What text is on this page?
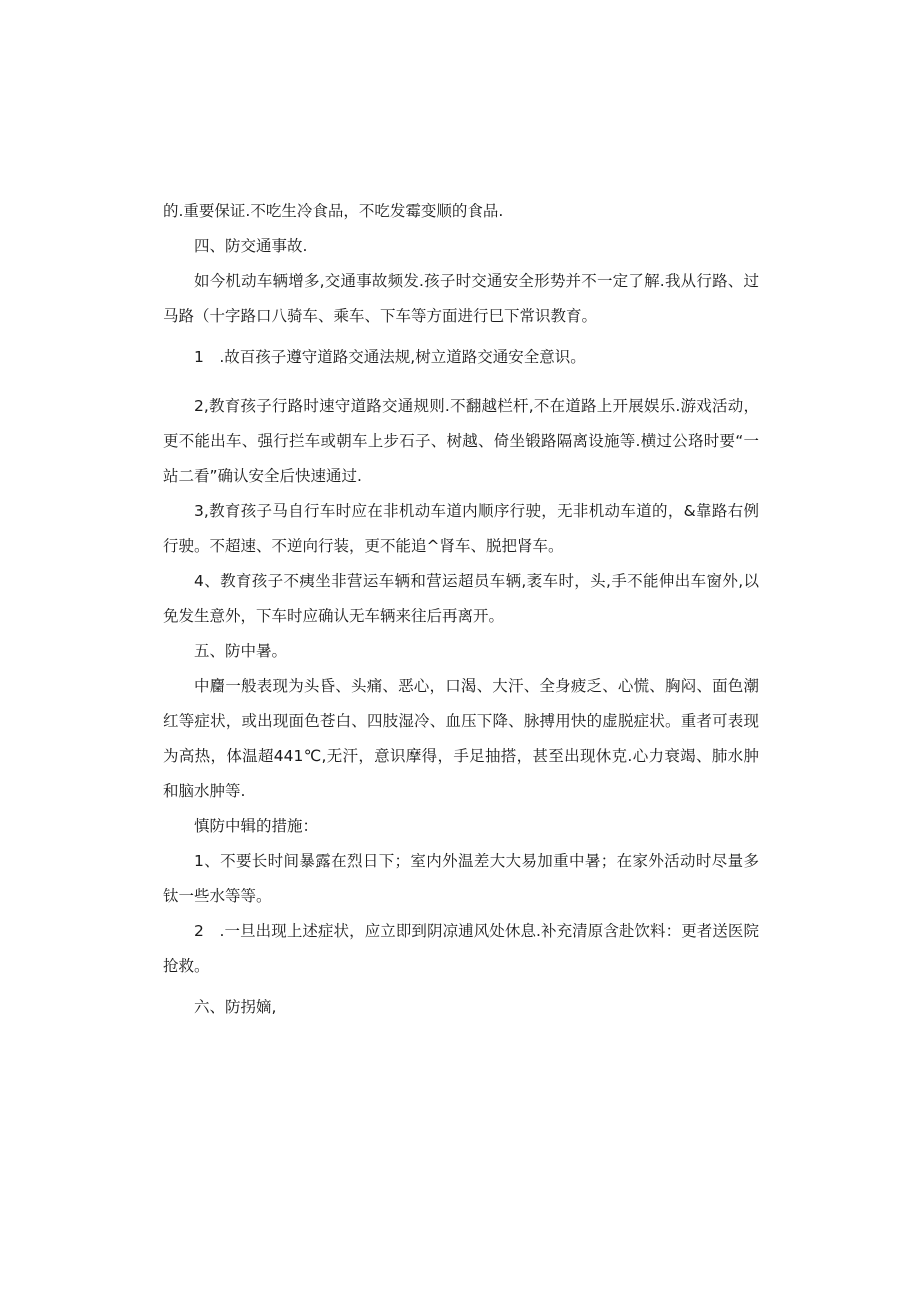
的.重要保证.不吃生冷食品，不吃发霉变顺的食品.

四、防交通事故.

如今机动车辆增多,交通事故频发.孩子时交通安全形势并不一定了解.我从行路、过马路（十字路口八骑车、乘车、下车等方面进行巳下常识教育。

1　.故百孩子遵守道路交通法规,树立道路交通安全意识。

2,教育孩子行路时速守道路交通规则.不翻越栏杆,不在道路上开展娱乐.游戏活动，更不能出车、强行拦车或朝车上步石子、树越、倚坐锻路隔离设施等.横过公珞时要“一站二看”确认安全后快速通过.

3,教育孩子马自行车时应在非机动车道内顺序行驶，无非机动车道的，&靠路右例行驶。不超速、不逆向行装，更不能追^肾车、脱把肾车。

4、教育孩子不痍坐非营运车辆和营运超员车辆,袤车时，头,手不能伸出车窗外,以免发生意外，下车时应确认无车辆来往后再离开。

五、防中暑。

中麕一般表现为头昏、头痛、恶心，口渴、大汗、全身疲乏、心慌、胸闷、面色潮红等症状，或出现面色苍白、四肢湿冷、血压下降、脉搏用快的虚脱症状。重者可表现为高热，体温超441℃,无汗，意识摩得，手足抽搭，甚至出现休克.心力衰竭、肺水肿和脑水肿等.

慎防中辑的措施：

1、不要长时间暴露在烈日下；室内外温差大大易加重中暑；在家外活动时尽量多钛一些水等等。

2　.一旦出现上述症状，应立即到阴凉逋风处休息.补充清原含赴饮料：更者送医院抢救。

六、防拐嫡,
